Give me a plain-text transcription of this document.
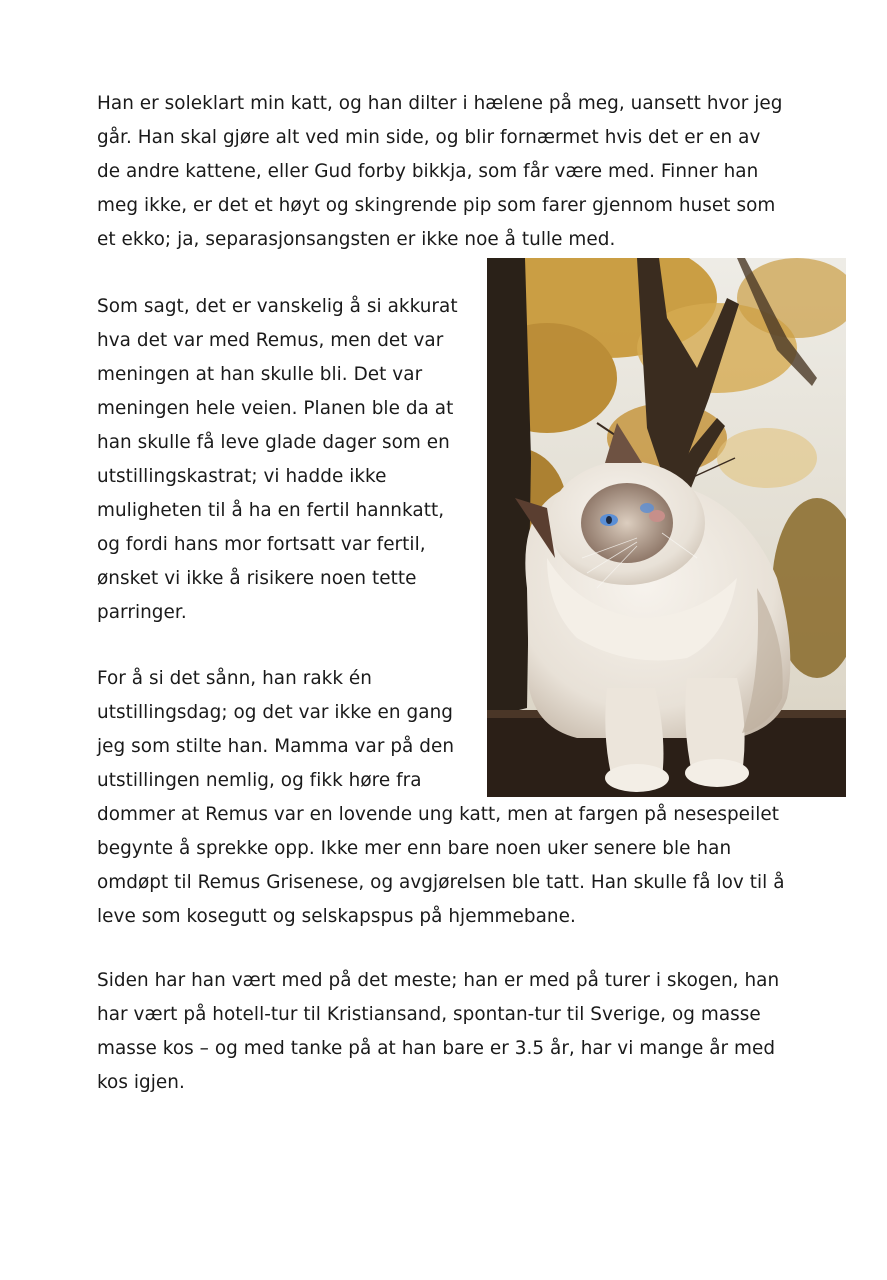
Han er soleklart min katt, og han dilter i hælene på meg, uansett hvor jeg
går. Han skal gjøre alt ved min side, og blir fornærmet hvis det er en av
de andre kattene, eller Gud forby bikkja, som får være med. Finner han
meg ikke, er det et høyt og skingrende pip som farer gjennom huset som
et ekko; ja, separasjonsangsten er ikke noe å tulle med.
Som sagt, det er vanskelig å si akkurat
hva det var med Remus, men det var
meningen at han skulle bli. Det var
meningen hele veien. Planen ble da at
han skulle få leve glade dager som en
utstillingskastrat; vi hadde ikke
muligheten til å ha en fertil hannkatt,
og fordi hans mor fortsatt var fertil,
ønsket vi ikke å risikere noen tette
parringer.
For å si det sånn, han rakk én
utstillingsdag; og det var ikke en gang
jeg som stilte han. Mamma var på den
utstillingen nemlig, og fikk høre fra
dommer at Remus var en lovende ung katt, men at fargen på nesespeilet
begynte å sprekke opp. Ikke mer enn bare noen uker senere ble han
omdøpt til Remus Grisenese, og avgjørelsen ble tatt. Han skulle få lov til å
leve som kosegutt og selskapspus på hjemmebane.
Siden har han vært med på det meste; han er med på turer i skogen, han
har vært på hotell-tur til Kristiansand, spontan-tur til Sverige, og masse
masse kos – og med tanke på at han bare er 3.5 år, har vi mange år med
kos igjen.
